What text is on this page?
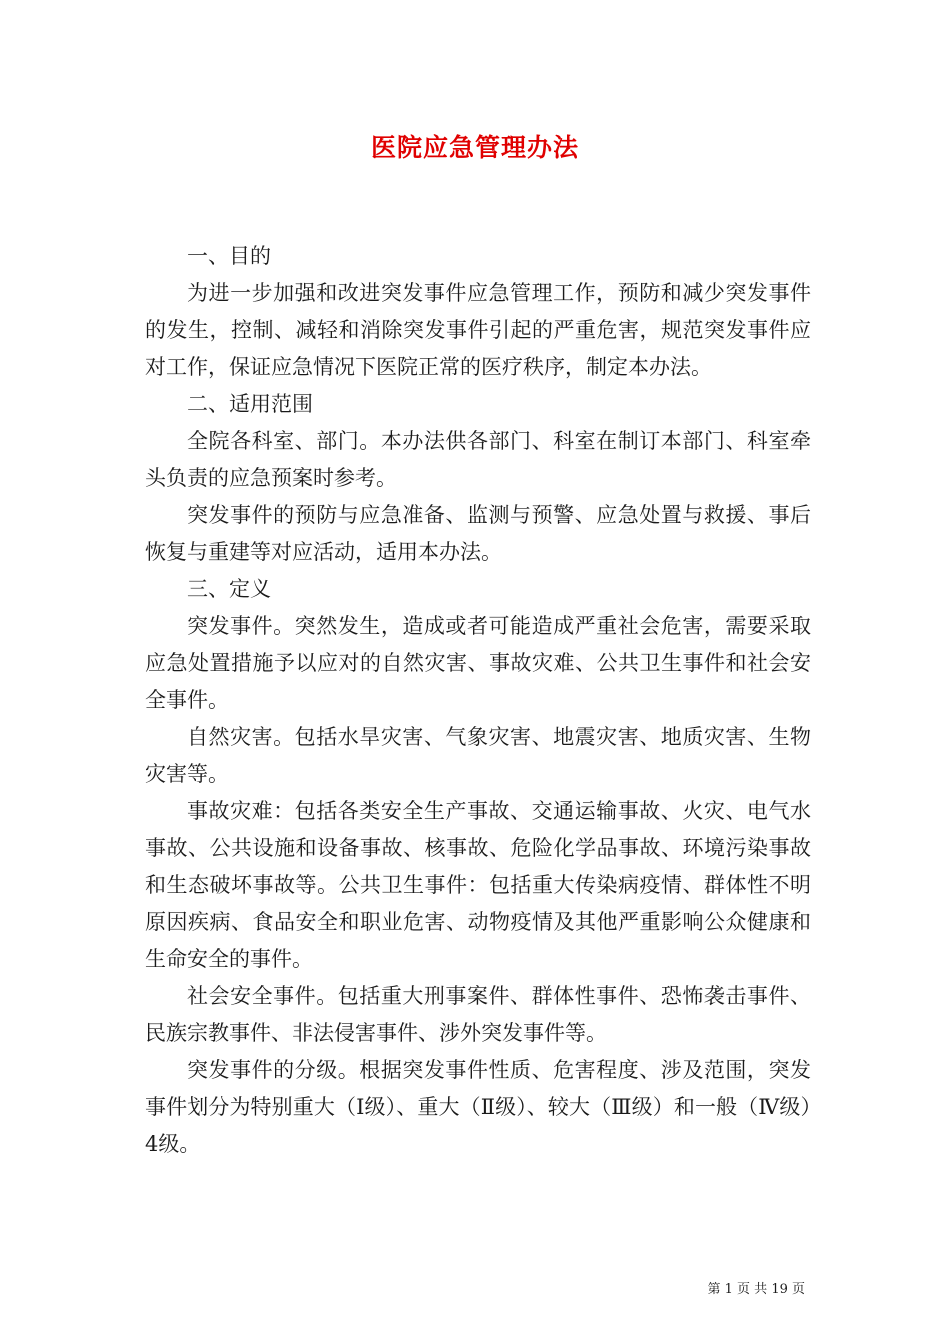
医院应急管理办法

一、目的

为进一步加强和改进突发事件应急管理工作，预防和减少突发事件的发生，控制、减轻和消除突发事件引起的严重危害，规范突发事件应对工作，保证应急情况下医院正常的医疗秩序，制定本办法。

二、适用范围

全院各科室、部门。本办法供各部门、科室在制订本部门、科室牵头负责的应急预案时参考。

突发事件的预防与应急准备、监测与预警、应急处置与救援、事后恢复与重建等对应活动，适用本办法。

三、定义

突发事件。突然发生，造成或者可能造成严重社会危害，需要采取应急处置措施予以应对的自然灾害、事故灾难、公共卫生事件和社会安全事件。

自然灾害。包括水旱灾害、气象灾害、地震灾害、地质灾害、生物灾害等。

事故灾难：包括各类安全生产事故、交通运输事故、火灾、电气水事故、公共设施和设备事故、核事故、危险化学品事故、环境污染事故和生态破坏事故等。公共卫生事件：包括重大传染病疫情、群体性不明原因疾病、食品安全和职业危害、动物疫情及其他严重影响公众健康和生命安全的事件。

社会安全事件。包括重大刑事案件、群体性事件、恐怖袭击事件、民族宗教事件、非法侵害事件、涉外突发事件等。

突发事件的分级。根据突发事件性质、危害程度、涉及范围，突发事件划分为特别重大（Ⅰ级）、重大（Ⅱ级）、较大（Ⅲ级）和一般（Ⅳ级）4级。

第 1 页 共 19 页
